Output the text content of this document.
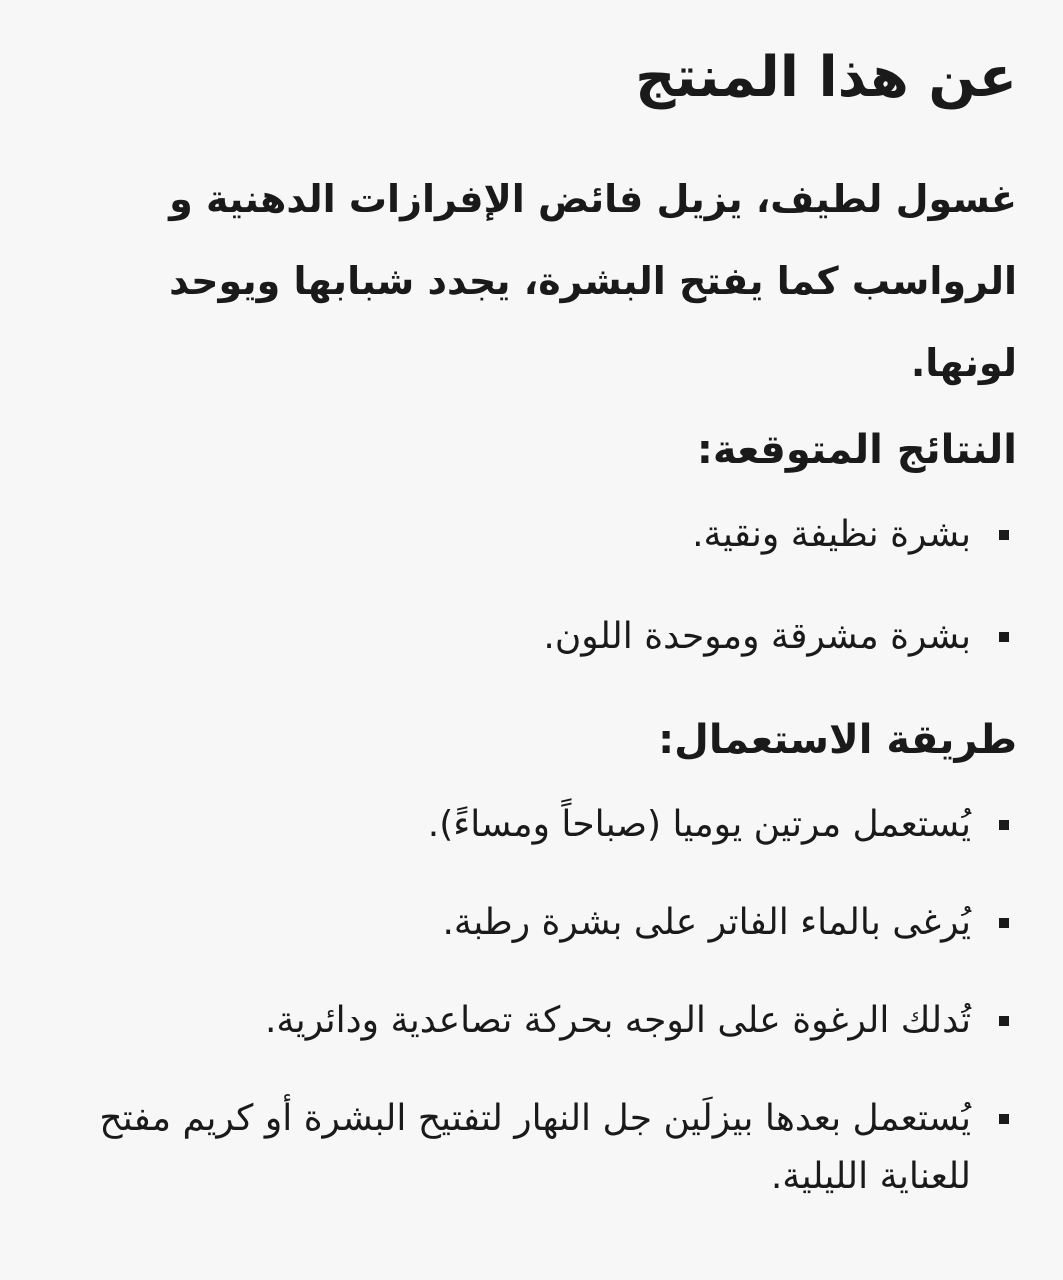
عن هذا المنتج

غسول لطيف، يزيل فائض الإفرازات الدهنية و الرواسب كما يفتح البشرة، يجدد شبابها ويوحد لونها.

النتائج المتوقعة:
بشرة نظيفة ونقية.
بشرة مشرقة وموحدة اللون.
طريقة الاستعمال:
يُستعمل مرتين يوميا (صباحاً ومساءً).
يُرغى بالماء الفاتر على بشرة رطبة.
تُدلك الرغوة على الوجه بحركة تصاعدية ودائرية.
يُستعمل بعدها بيزلَين جل النهار لتفتيح البشرة أو كريم مفتح للعناية الليلية.
